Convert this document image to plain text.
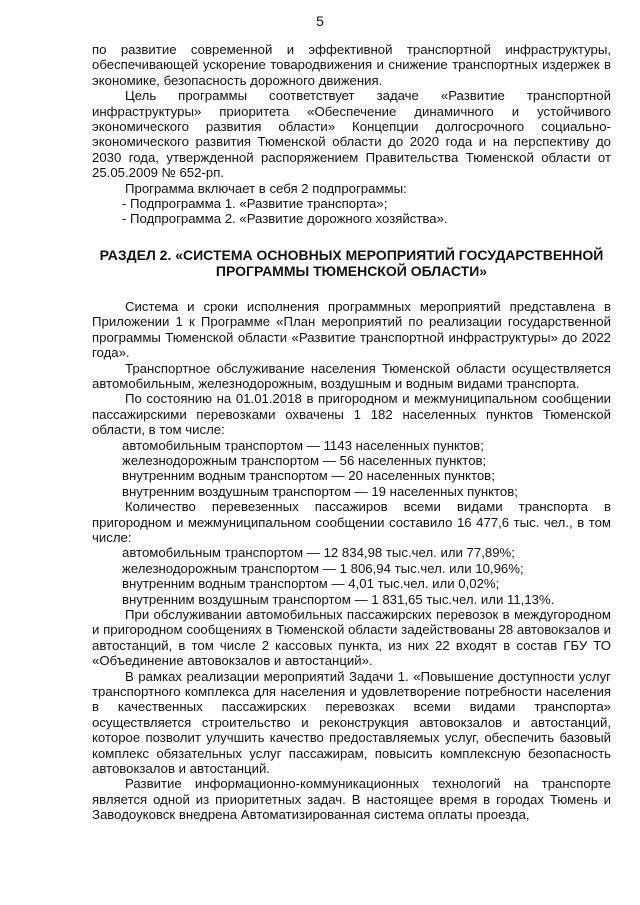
5

по развитие современной и эффективной транспортной инфраструктуры, обеспечивающей ускорение товародвижения и снижение транспортных издержек в экономике, безопасность дорожного движения.

Цель программы соответствует задаче «Развитие транспортной инфраструктуры» приоритета «Обеспечение динамичного и устойчивого экономического развития области» Концепции долгосрочного социально-экономического развития Тюменской области до 2020 года и на перспективу до 2030 года, утвержденной распоряжением Правительства Тюменской области от 25.05.2009 № 652-рп.

Программа включает в себя 2 подпрограммы:

- Подпрограмма 1. «Развитие транспорта»;

- Подпрограмма 2. «Развитие дорожного хозяйства».

РАЗДЕЛ 2. «СИСТЕМА ОСНОВНЫХ МЕРОПРИЯТИЙ ГОСУДАРСТВЕННОЙ ПРОГРАММЫ ТЮМЕНСКОЙ ОБЛАСТИ»

Система и сроки исполнения программных мероприятий представлена в Приложении 1 к Программе «План мероприятий по реализации государственной программы Тюменской области «Развитие транспортной инфраструктуры» до 2022 года».

Транспортное обслуживание населения Тюменской области осуществляется автомобильным, железнодорожным, воздушным и водным видами транспорта.

По состоянию на 01.01.2018 в пригородном и межмуниципальном сообщении пассажирскими перевозками охвачены 1 182 населенных пунктов Тюменской области, в том числе:

автомобильным транспортом — 1143 населенных пунктов;

железнодорожным транспортом — 56 населенных пунктов;

внутренним водным транспортом — 20 населенных пунктов;

внутренним воздушным транспортом — 19 населенных пунктов;

Количество перевезенных пассажиров всеми видами транспорта в пригородном и межмуниципальном сообщении составило 16 477,6 тыс. чел., в том числе:

автомобильным транспортом — 12 834,98 тыс.чел. или 77,89%;

железнодорожным транспортом — 1 806,94 тыс.чел. или 10,96%;

внутренним водным транспортом — 4,01 тыс.чел. или 0,02%;

внутренним воздушным транспортом — 1 831,65 тыс.чел. или 11,13%.

При обслуживании автомобильных пассажирских перевозок в междугородном и пригородном сообщениях в Тюменской области задействованы 28 автовокзалов и автостанций, в том числе 2 кассовых пункта, из них 22 входят в состав ГБУ ТО «Объединение автовокзалов и автостанций».

В рамках реализации мероприятий Задачи 1. «Повышение доступности услуг транспортного комплекса для населения и удовлетворение потребности населения в качественных пассажирских перевозках всеми видами транспорта» осуществляется строительство и реконструкция автовокзалов и автостанций, которое позволит улучшить качество предоставляемых услуг, обеспечить базовый комплекс обязательных услуг пассажирам, повысить комплексную безопасность автовокзалов и автостанций.

Развитие информационно-коммуникационных технологий на транспорте является одной из приоритетных задач. В настоящее время в городах Тюмень и Заводоуковск внедрена Автоматизированная система оплаты проезда,
